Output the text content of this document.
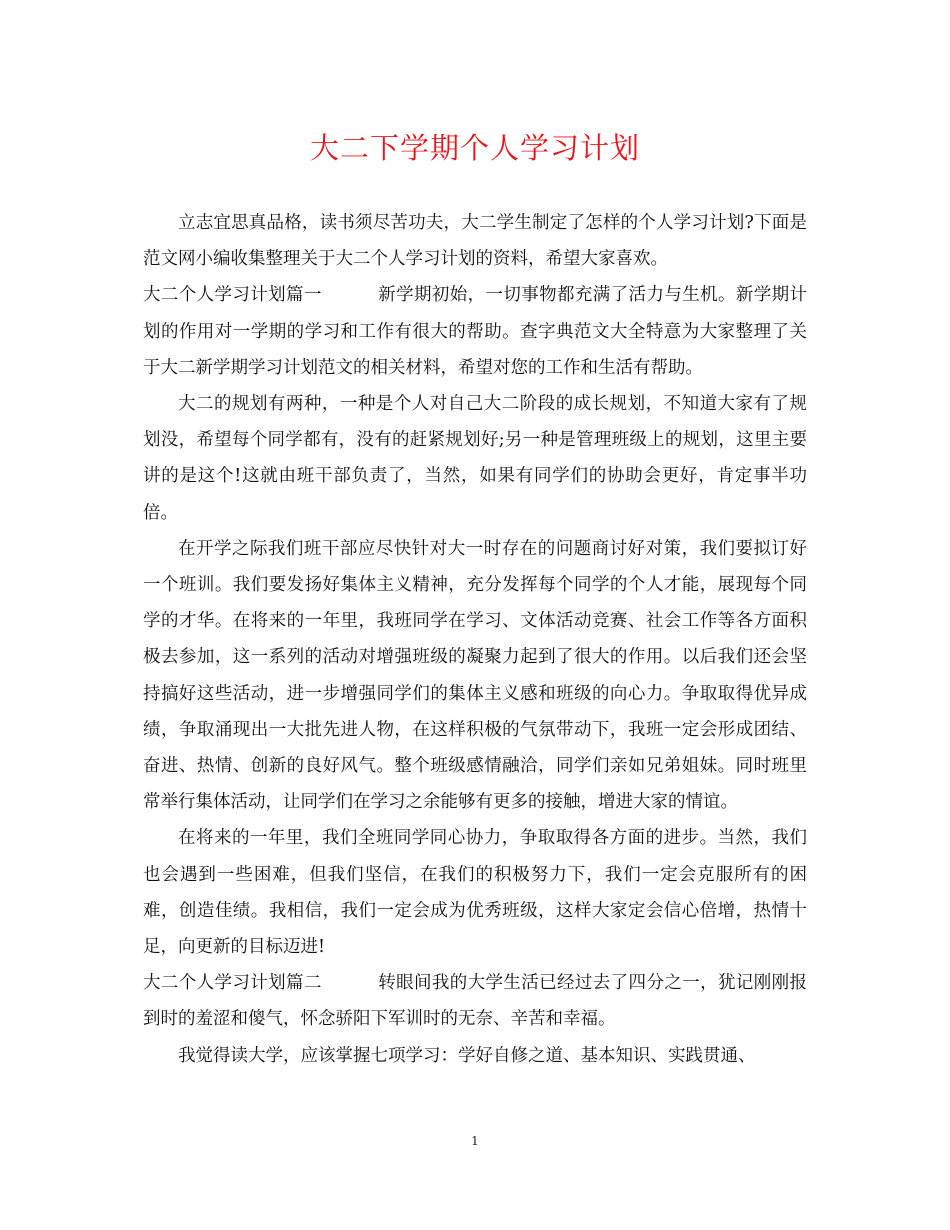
大二下学期个人学习计划

立志宜思真品格，读书须尽苦功夫，大二学生制定了怎样的个人学习计划?下面是范文网小编收集整理关于大二个人学习计划的资料，希望大家喜欢。

大二个人学习计划篇一	新学期初始，一切事物都充满了活力与生机。新学期计划的作用对一学期的学习和工作有很大的帮助。查字典范文大全特意为大家整理了关于大二新学期学习计划范文的相关材料，希望对您的工作和生活有帮助。

大二的规划有两种，一种是个人对自己大二阶段的成长规划，不知道大家有了规划没，希望每个同学都有，没有的赶紧规划好;另一种是管理班级上的规划，这里主要讲的是这个!这就由班干部负责了，当然，如果有同学们的协助会更好，肯定事半功倍。

在开学之际我们班干部应尽快针对大一时存在的问题商讨好对策，我们要拟订好一个班训。我们要发扬好集体主义精神，充分发挥每个同学的个人才能，展现每个同学的才华。在将来的一年里，我班同学在学习、文体活动竞赛、社会工作等各方面积极去参加，这一系列的活动对增强班级的凝聚力起到了很大的作用。以后我们还会坚持搞好这些活动，进一步增强同学们的集体主义感和班级的向心力。争取取得优异成绩，争取涌现出一大批先进人物，在这样积极的气氛带动下，我班一定会形成团结、奋进、热情、创新的良好风气。整个班级感情融洽，同学们亲如兄弟姐妹。同时班里常举行集体活动，让同学们在学习之余能够有更多的接触，增进大家的情谊。

在将来的一年里，我们全班同学同心协力，争取取得各方面的进步。当然，我们也会遇到一些困难，但我们坚信，在我们的积极努力下，我们一定会克服所有的困难，创造佳绩。我相信，我们一定会成为优秀班级，这样大家定会信心倍增，热情十足，向更新的目标迈进!

大二个人学习计划篇二	转眼间我的大学生活已经过去了四分之一，犹记刚刚报到时的羞涩和傻气，怀念骄阳下军训时的无奈、辛苦和幸福。

我觉得读大学，应该掌握七项学习：学好自修之道、基本知识、实践贯通、

1
